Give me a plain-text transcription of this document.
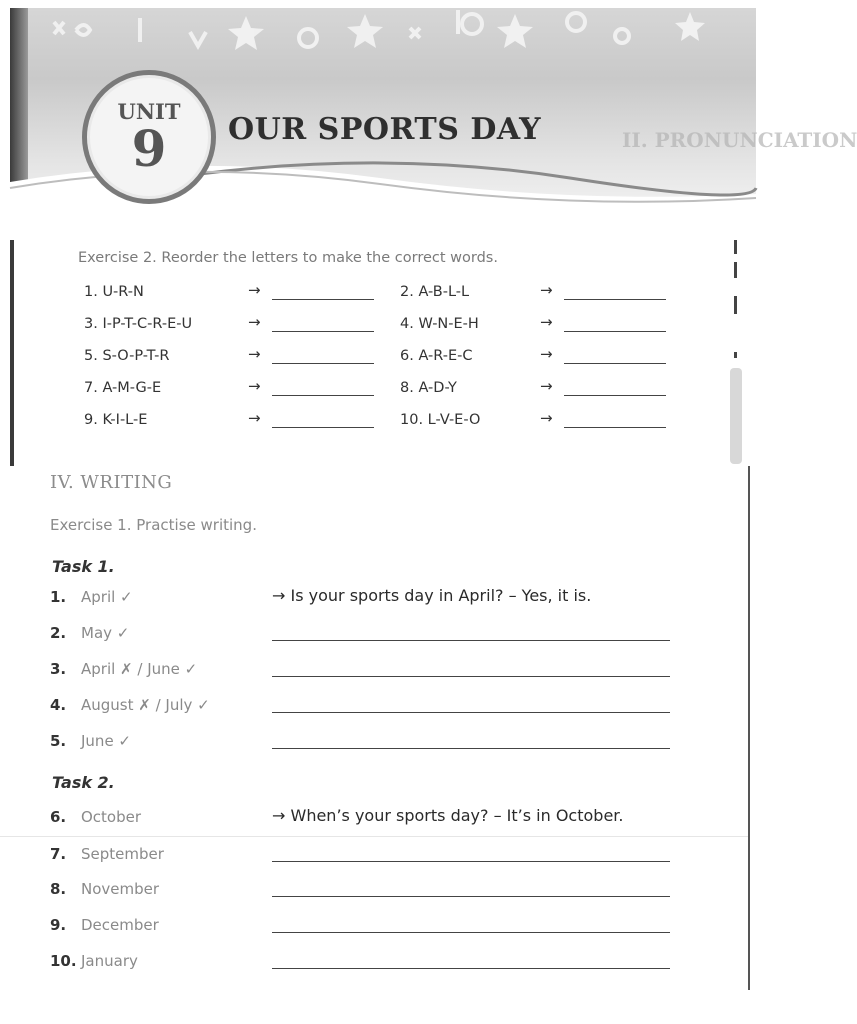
II. PRONUNCIATION
UNIT
9	OUR SPORTS DAY
Exercise 2. Reorder the letters to make the correct words.
1. U-R-N	→	2. A-B-L-L	→
3. I-P-T-C-R-E-U	→	4. W-N-E-H	→
5. S-O-P-T-R	→	6. A-R-E-C	→
7. A-M-G-E	→	8. A-D-Y	→
9. K-I-L-E	→	10. L-V-E-O	→
IV. WRITING
Exercise 1. Practise writing.
Task 1.
1. April ✓	→ Is your sports day in April? – Yes, it is.
2. May ✓
3. April ✗ / June ✓
4. August ✗ / July ✓
5. June ✓
Task 2.
6. October	→ When’s your sports day? – It’s in October.
7. September
8. November
9. December
10. January
